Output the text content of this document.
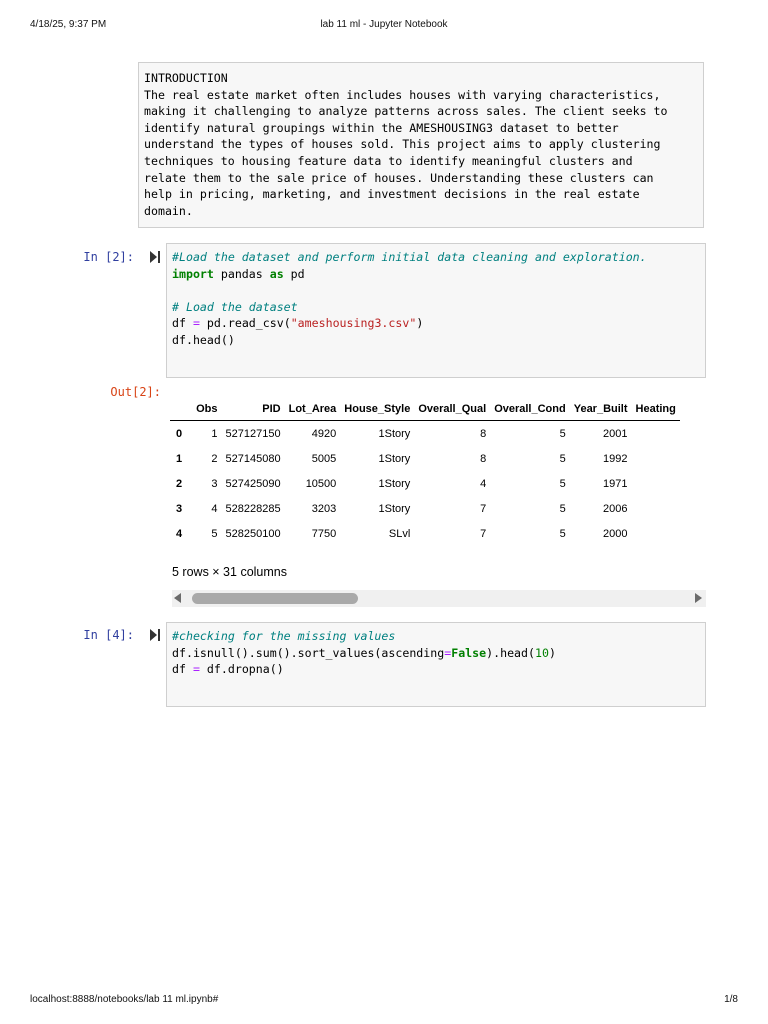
4/18/25, 9:37 PM	lab 11 ml - Jupyter Notebook
INTRODUCTION
The real estate market often includes houses with varying characteristics,
making it challenging to analyze patterns across sales. The client seeks to
identify natural groupings within the AMESHOUSING3 dataset to better
understand the types of houses sold. This project aims to apply clustering
techniques to housing feature data to identify meaningful clusters and
relate them to the sale price of houses. Understanding these clusters can
help in pricing, marketing, and investment decisions in the real estate
domain.
In [2]:	#Load the dataset and perform initial data cleaning and exploration.
import pandas as pd

# Load the dataset
df = pd.read_csv("ameshousing3.csv")
df.head()
Out[2]:
	Obs	PID	Lot_Area	House_Style	Overall_Qual	Overall_Cond	Year_Built	Heating
0	1	527127150	4920	1Story	8	5	2001	
1	2	527145080	5005	1Story	8	5	1992	
2	3	527425090	10500	1Story	4	5	1971	
3	4	528228285	3203	1Story	7	5	2006	
4	5	528250100	7750	SLvl	7	5	2000	
5 rows × 31 columns
In [4]:	#checking for the missing values
df.isnull().sum().sort_values(ascending=False).head(10)
df = df.dropna()
localhost:8888/notebooks/lab 11 ml.ipynb#	1/8
